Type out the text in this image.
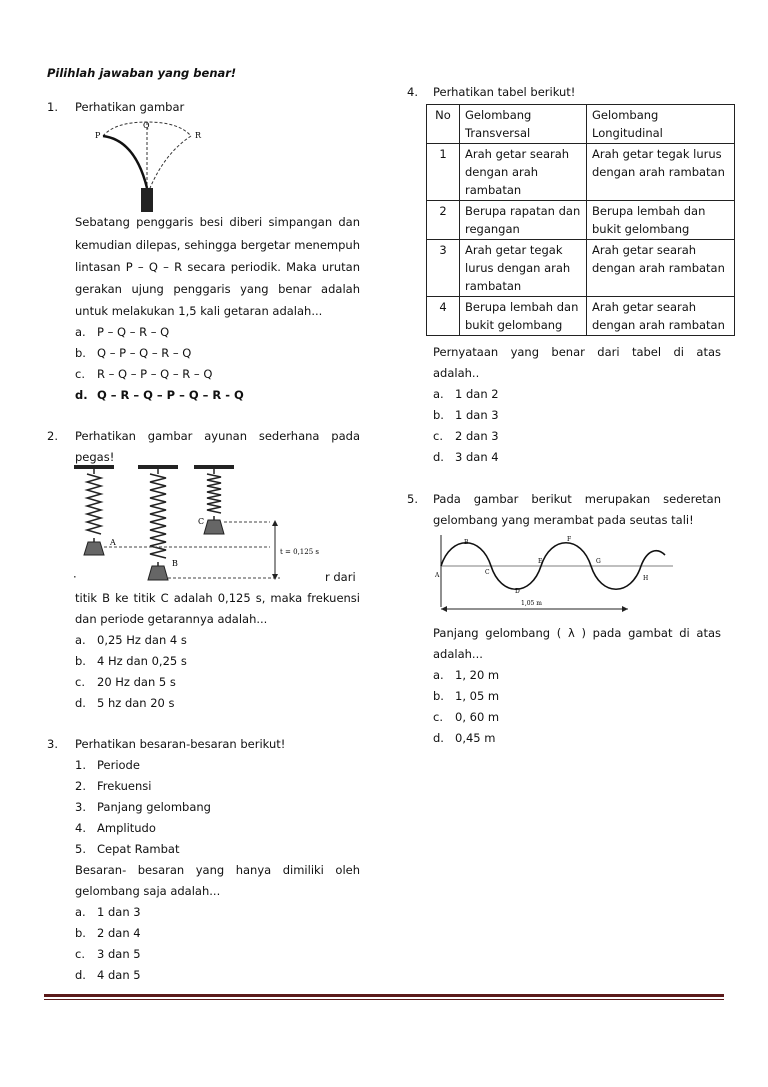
Pilihlah jawaban yang benar!
1. Perhatikan gambar
P
Q
R
Sebatang penggaris besi diberi simpangan dan
kemudian dilepas, sehingga bergetar menempuh
lintasan P – Q – R secara periodik. Maka urutan
gerakan ujung penggaris yang benar adalah
untuk melakukan 1,5 kali getaran adalah...
a. P – Q – R – Q
b. Q – P – Q – R – Q
c. R – Q – P – Q – R – Q
d. Q – R – Q – P – Q – R - Q
2. Perhatikan gambar ayunan sederhana pada
pegas!
A
B
C
t = 0,125 s
·	r dari
titik B ke titik C adalah 0,125 s, maka frekuensi
dan periode getarannya adalah...
a. 0,25 Hz dan 4 s
b. 4 Hz dan 0,25 s
c. 20 Hz dan 5 s
d. 5 hz dan 20 s
3. Perhatikan besaran-besaran berikut!
1. Periode
2. Frekuensi
3. Panjang gelombang
4. Amplitudo
5. Cepat Rambat
Besaran- besaran yang hanya dimiliki oleh
gelombang saja adalah...
a. 1 dan 3
b. 2 dan 4
c. 3 dan 5
d. 4 dan 5
4. Perhatikan tabel berikut!
No	Gelombang Transversal	Gelombang Longitudinal
1	Arah getar searah dengan arah rambatan	Arah getar tegak lurus dengan arah rambatan
2	Berupa rapatan dan regangan	Berupa lembah dan bukit gelombang
3	Arah getar tegak lurus dengan arah rambatan	Arah getar searah dengan arah rambatan
4	Berupa lembah dan bukit gelombang	Arah getar searah dengan arah rambatan
Pernyataan yang benar dari tabel di atas
adalah..
a. 1 dan 2
b. 1 dan 3
c. 2 dan 3
d. 3 dan 4
5. Pada gambar berikut merupakan sederetan
gelombang yang merambat pada seutas tali!
A
B
C
D
E
F
G
H
1,05 m
Panjang gelombang ( λ ) pada gambat di atas
adalah...
a. 1, 20 m
b. 1, 05 m
c. 0, 60 m
d. 0,45 m
